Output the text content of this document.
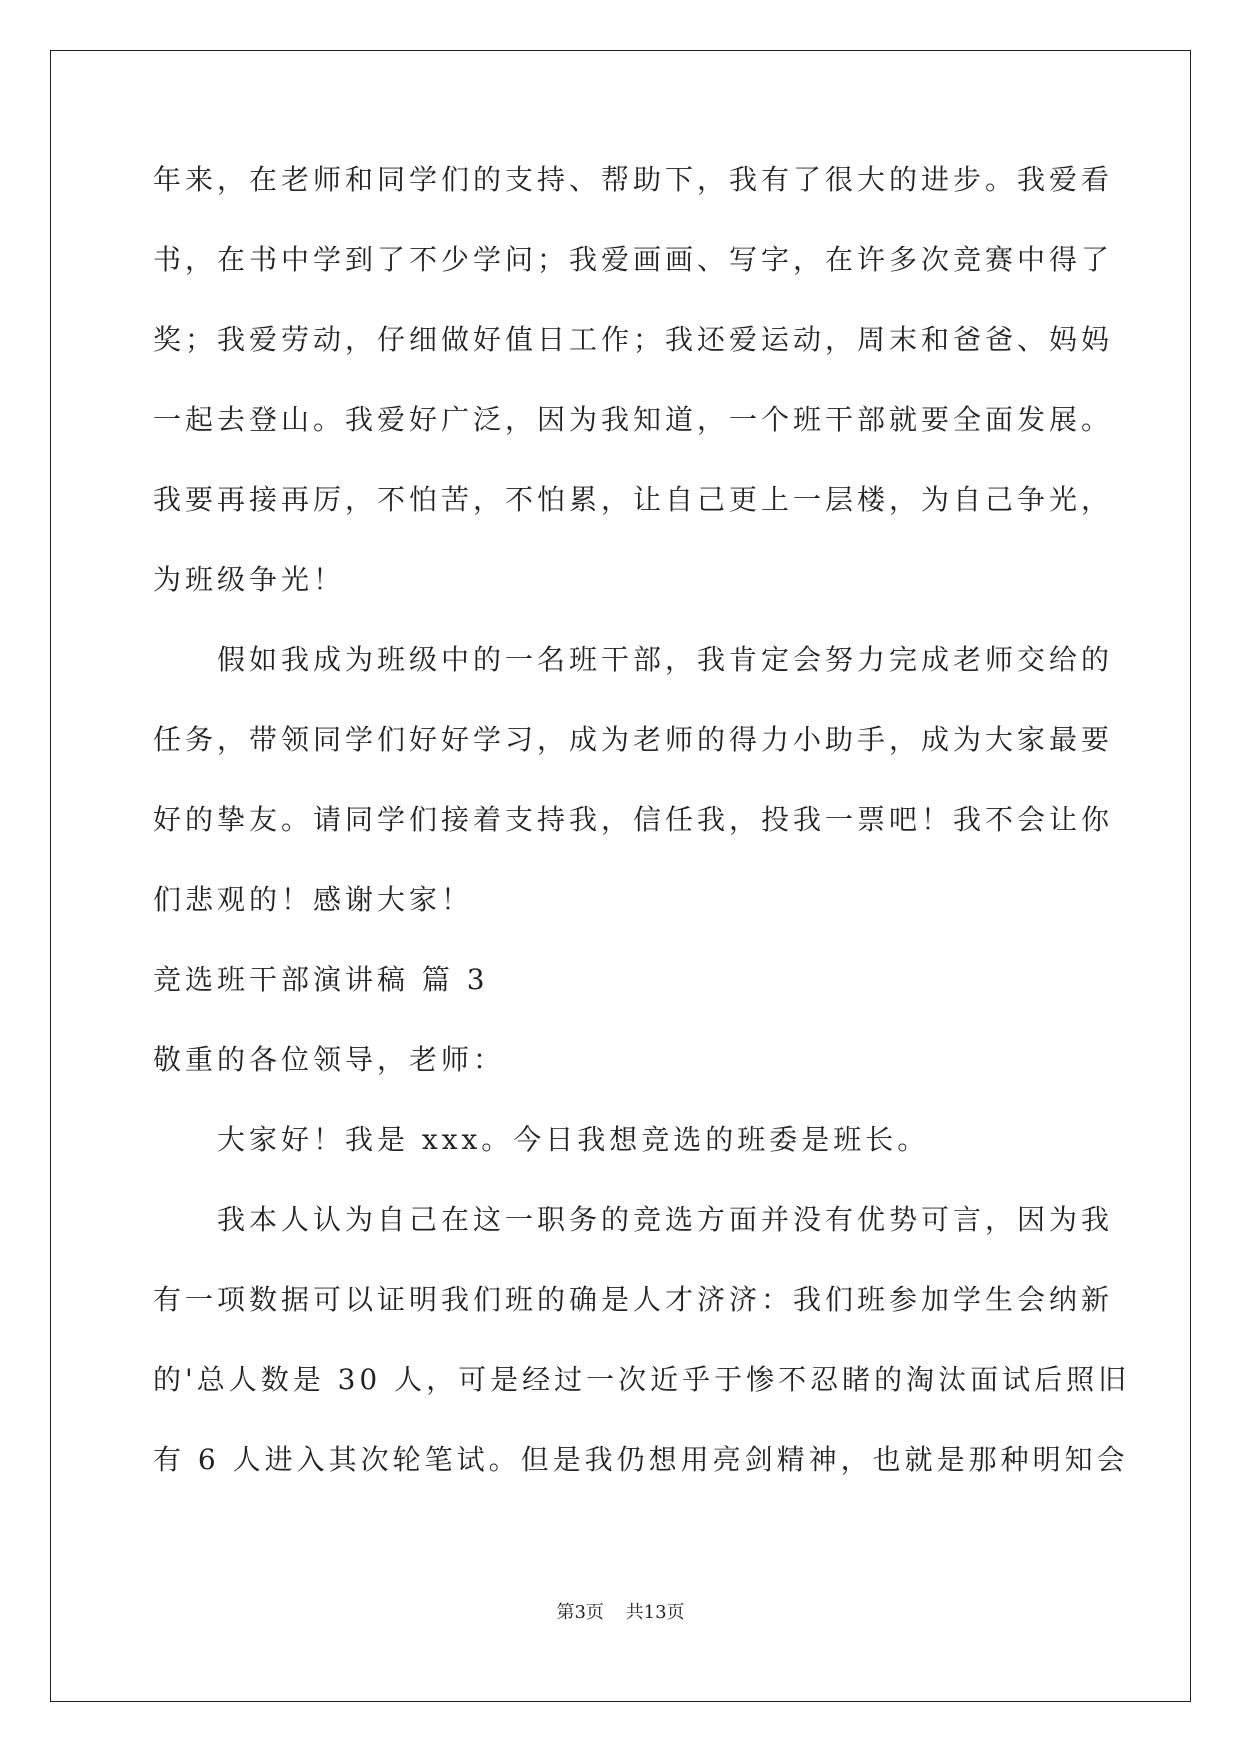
年来，在老师和同学们的支持、帮助下，我有了很大的进步。我爱看
书，在书中学到了不少学问；我爱画画、写字，在许多次竞赛中得了
奖；我爱劳动，仔细做好值日工作；我还爱运动，周末和爸爸、妈妈
一起去登山。我爱好广泛，因为我知道，一个班干部就要全面发展。
我要再接再厉，不怕苦，不怕累，让自己更上一层楼，为自己争光，
为班级争光！
假如我成为班级中的一名班干部，我肯定会努力完成老师交给的
任务，带领同学们好好学习，成为老师的得力小助手，成为大家最要
好的挚友。请同学们接着支持我，信任我，投我一票吧！我不会让你
们悲观的！感谢大家！
竞选班干部演讲稿 篇 3
敬重的各位领导，老师：
大家好！我是 xxx。今日我想竞选的班委是班长。
我本人认为自己在这一职务的竞选方面并没有优势可言，因为我
有一项数据可以证明我们班的确是人才济济：我们班参加学生会纳新
的'总人数是 30 人，可是经过一次近乎于惨不忍睹的淘汰面试后照旧
有 6 人进入其次轮笔试。但是我仍想用亮剑精神，也就是那种明知会
第3页 共13页
